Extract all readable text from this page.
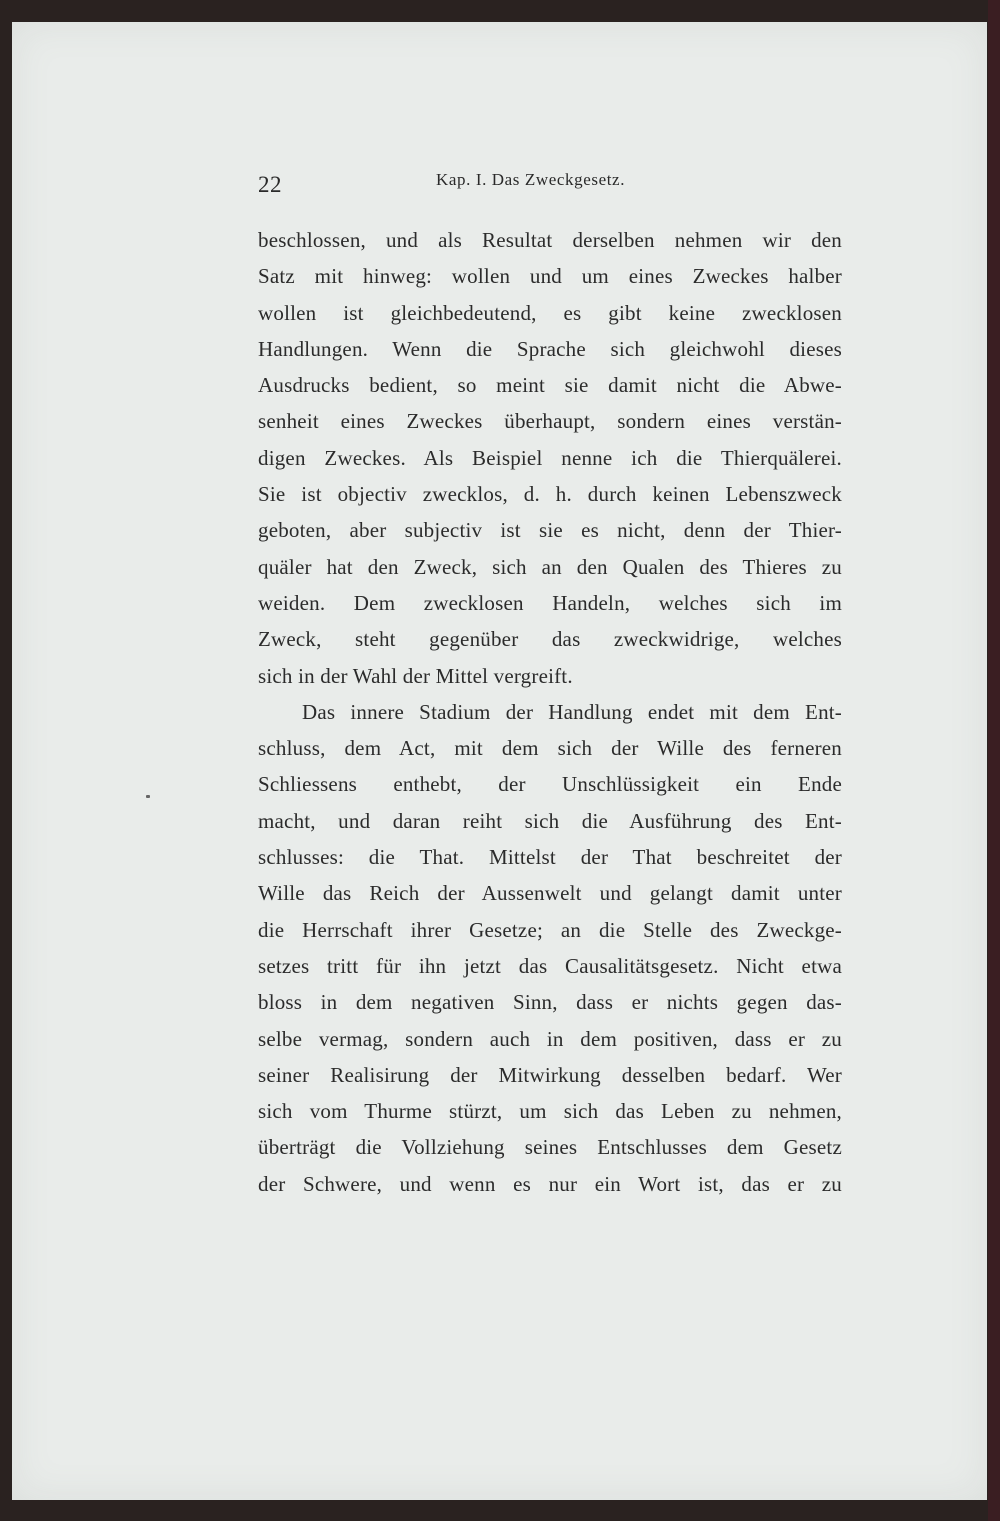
22	Kap. I. Das Zweckgesetz.
beschlossen, und als Resultat derselben nehmen wir den
Satz mit hinweg: wollen und um eines Zweckes halber
wollen ist gleichbedeutend, es gibt keine zwecklosen
Handlungen. Wenn die Sprache sich gleichwohl dieses
Ausdrucks bedient, so meint sie damit nicht die Abwe-
senheit eines Zweckes überhaupt, sondern eines verstän-
digen Zweckes. Als Beispiel nenne ich die Thierquälerei.
Sie ist objectiv zwecklos, d. h. durch keinen Lebenszweck
geboten, aber subjectiv ist sie es nicht, denn der Thier-
quäler hat den Zweck, sich an den Qualen des Thieres zu
weiden. Dem zwecklosen Handeln, welches sich im
Zweck, steht gegenüber das zweckwidrige, welches
sich in der Wahl der Mittel vergreift.
Das innere Stadium der Handlung endet mit dem Ent-
schluss, dem Act, mit dem sich der Wille des ferneren
Schliessens enthebt, der Unschlüssigkeit ein Ende
macht, und daran reiht sich die Ausführung des Ent-
schlusses: die That. Mittelst der That beschreitet der
Wille das Reich der Aussenwelt und gelangt damit unter
die Herrschaft ihrer Gesetze; an die Stelle des Zweckge-
setzes tritt für ihn jetzt das Causalitätsgesetz. Nicht etwa
bloss in dem negativen Sinn, dass er nichts gegen das-
selbe vermag, sondern auch in dem positiven, dass er zu
seiner Realisirung der Mitwirkung desselben bedarf. Wer
sich vom Thurme stürzt, um sich das Leben zu nehmen,
überträgt die Vollziehung seines Entschlusses dem Gesetz
der Schwere, und wenn es nur ein Wort ist, das er zu
